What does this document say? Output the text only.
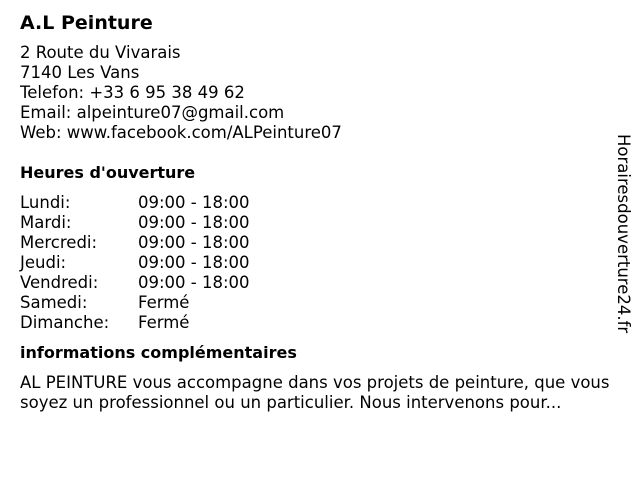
A.L Peinture
2 Route du Vivarais
7140 Les Vans
Telefon: +33 6 95 38 49 62
Email: alpeinture07@gmail.com
Web: www.facebook.com/ALPeinture07
Heures d'ouverture
Lundi:	09:00 - 18:00
Mardi:	09:00 - 18:00
Mercredi:	09:00 - 18:00
Jeudi:	09:00 - 18:00
Vendredi:	09:00 - 18:00
Samedi:	Fermé
Dimanche:	Fermé
informations complémentaires
AL PEINTURE vous accompagne dans vos projets de peinture, que vous soyez un professionnel ou un particulier. Nous intervenons pour...
Horairesdouverture24.fr
